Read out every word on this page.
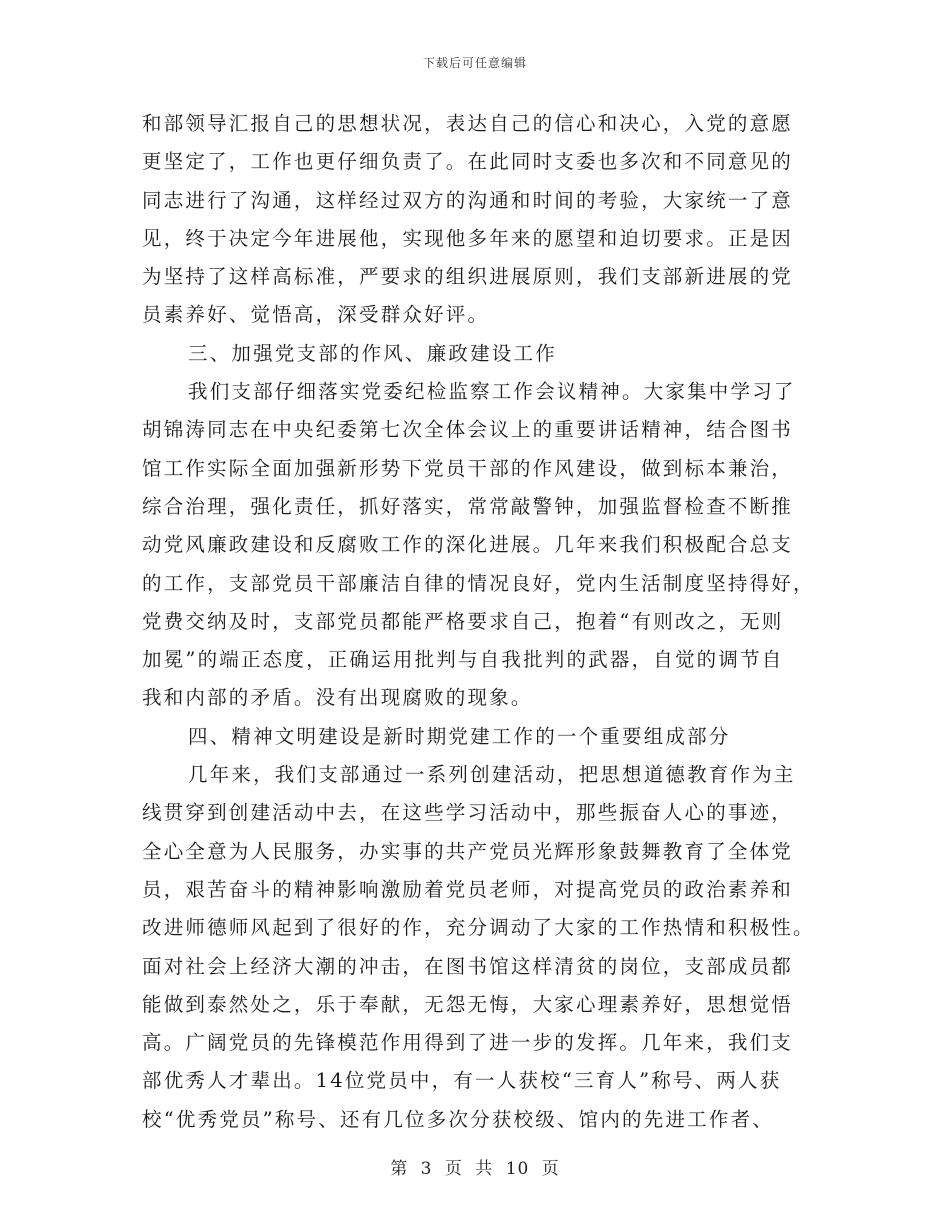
下载后可任意编辑
和部领导汇报自己的思想状况，表达自己的信心和决心，入党的意愿
更坚定了，工作也更仔细负责了。在此同时支委也多次和不同意见的
同志进行了沟通，这样经过双方的沟通和时间的考验，大家统一了意
见，终于决定今年进展他，实现他多年来的愿望和迫切要求。正是因
为坚持了这样高标准，严要求的组织进展原则，我们支部新进展的党
员素养好、觉悟高，深受群众好评。
三、加强党支部的作风、廉政建设工作
我们支部仔细落实党委纪检监察工作会议精神。大家集中学习了
胡锦涛同志在中央纪委第七次全体会议上的重要讲话精神，结合图书
馆工作实际全面加强新形势下党员干部的作风建设，做到标本兼治，
综合治理，强化责任，抓好落实，常常敲警钟，加强监督检查不断推
动党风廉政建设和反腐败工作的深化进展。几年来我们积极配合总支
的工作，支部党员干部廉洁自律的情况良好，党内生活制度坚持得好，
党费交纳及时，支部党员都能严格要求自己，抱着“有则改之，无则
加冕”的端正态度，正确运用批判与自我批判的武器，自觉的调节自
我和内部的矛盾。没有出现腐败的现象。
四、精神文明建设是新时期党建工作的一个重要组成部分
几年来，我们支部通过一系列创建活动，把思想道德教育作为主
线贯穿到创建活动中去，在这些学习活动中，那些振奋人心的事迹，
全心全意为人民服务，办实事的共产党员光辉形象鼓舞教育了全体党
员，艰苦奋斗的精神影响激励着党员老师，对提高党员的政治素养和
改进师德师风起到了很好的作，充分调动了大家的工作热情和积极性。
面对社会上经济大潮的冲击，在图书馆这样清贫的岗位，支部成员都
能做到泰然处之，乐于奉献，无怨无悔，大家心理素养好，思想觉悟
高。广阔党员的先锋模范作用得到了进一步的发挥。几年来，我们支
部优秀人才辈出。14位党员中，有一人获校“三育人”称号、两人获
校“优秀党员”称号、还有几位多次分获校级、馆内的先进工作者、
第 3 页 共 10 页
